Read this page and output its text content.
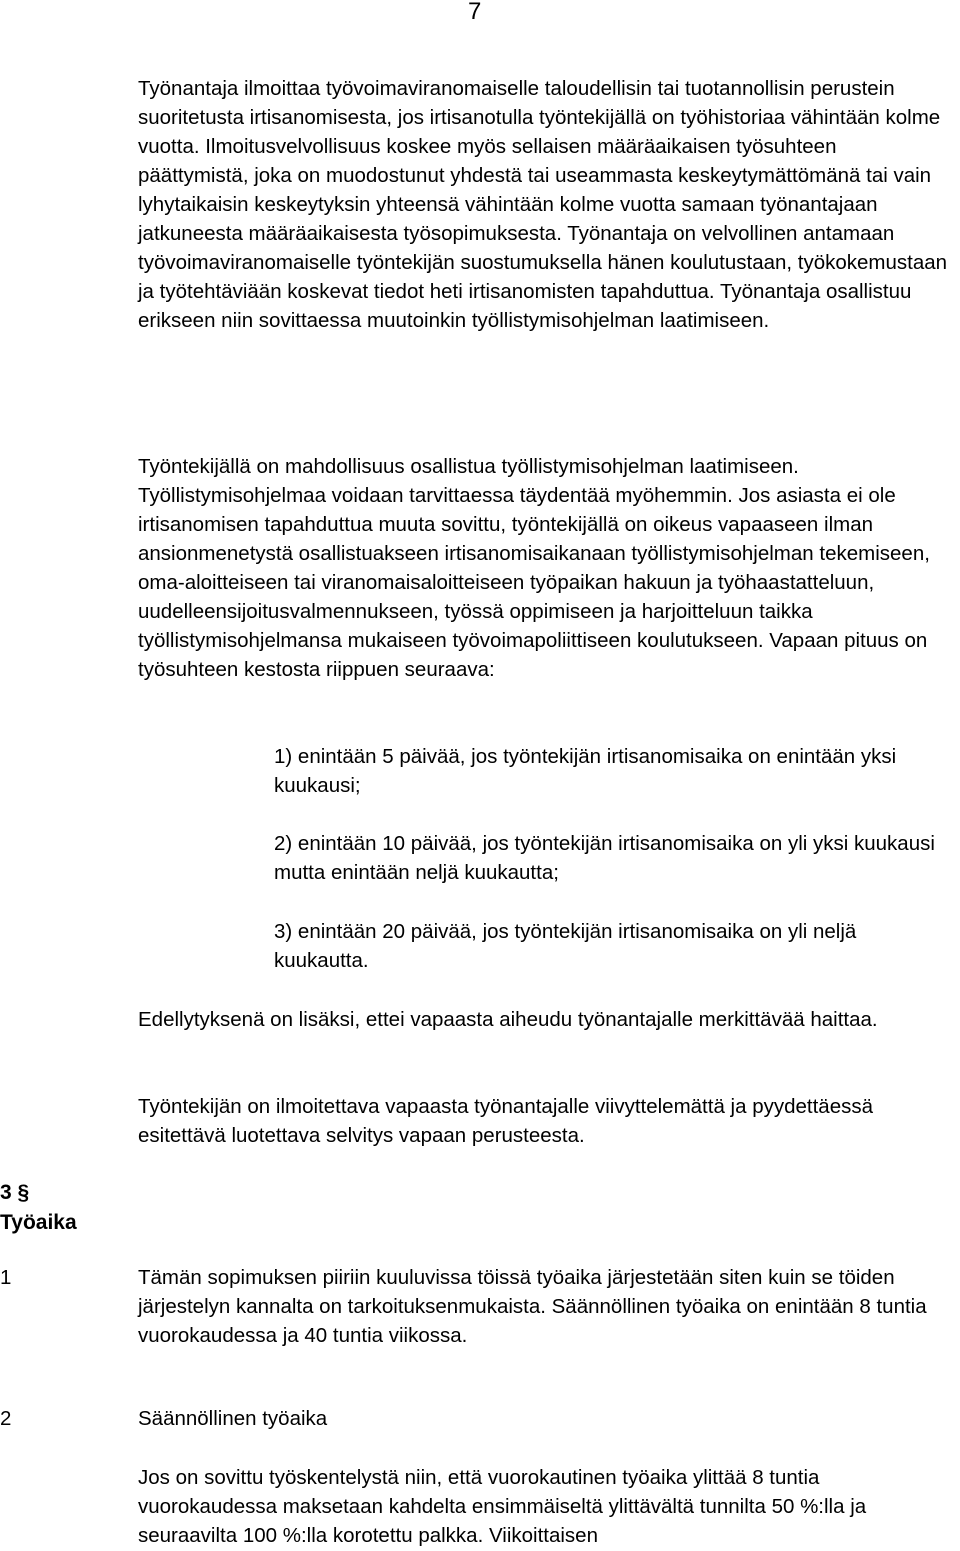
7

Työnantaja ilmoittaa työvoimaviranomaiselle taloudellisin tai tuotannollisin perustein suoritetusta irtisanomisesta, jos irtisanotulla työntekijällä on työhistoriaa vähintään kolme vuotta. Ilmoitusvelvollisuus koskee myös sellaisen määräaikaisen työsuhteen päättymistä, joka on muodostunut yhdestä tai useammasta keskeytymättömänä tai vain lyhytaikaisin keskeytyksin yhteensä vähintään kolme vuotta samaan työnantajaan jatkuneesta määräaikaisesta työsopimuksesta. Työnantaja on velvollinen antamaan työvoimaviranomaiselle työntekijän suostumuksella hänen koulutustaan, työkokemustaan ja työtehtäviään koskevat tiedot heti irtisanomisten tapahduttua. Työnantaja osallistuu erikseen niin sovittaessa muutoinkin työllistymisohjelman laatimiseen.

Työntekijällä on mahdollisuus osallistua työllistymisohjelman laatimiseen. Työllistymisohjelmaa voidaan tarvittaessa täydentää myöhemmin. Jos asiasta ei ole irtisanomisen tapahduttua muuta sovittu, työntekijällä on oikeus vapaaseen ilman ansionmenetystä osallistuakseen irtisanomisaikanaan työllistymisohjelman tekemiseen, oma-aloitteiseen tai viranomaisaloitteiseen työpaikan hakuun ja työhaastatteluun, uudelleensijoitusvalmennukseen, työssä oppimiseen ja harjoitteluun taikka työllistymisohjelmansa mukaiseen työvoimapoliittiseen koulutukseen. Vapaan pituus on työsuhteen kestosta riippuen seuraava:

1) enintään 5 päivää, jos työntekijän irtisanomisaika on enintään yksi kuukausi;

2) enintään 10 päivää, jos työntekijän irtisanomisaika on yli yksi kuukausi mutta enintään neljä kuukautta;

3) enintään 20 päivää, jos työntekijän irtisanomisaika on yli neljä kuukautta.

Edellytyksenä on lisäksi, ettei vapaasta aiheudu työnantajalle merkittävää haittaa.

Työntekijän on ilmoitettava vapaasta työnantajalle viivyttelemättä ja pyydettäessä esitettävä luotettava selvitys vapaan perusteesta.

3 §
Työaika
1	Tämän sopimuksen piiriin kuuluvissa töissä työaika järjestetään siten kuin se töiden järjestelyn kannalta on tarkoituksenmukaista. Säännöllinen työaika on enintään 8 tuntia vuorokaudessa ja 40 tuntia viikossa.

2	Säännöllinen työaika

Jos on sovittu työskentelystä niin, että vuorokautinen työaika ylittää 8 tuntia vuorokaudessa maksetaan kahdelta ensimmäiseltä ylittävältä tunnilta 50 %:lla ja seuraavilta 100 %:lla korotettu palkka. Viikoittaisen
